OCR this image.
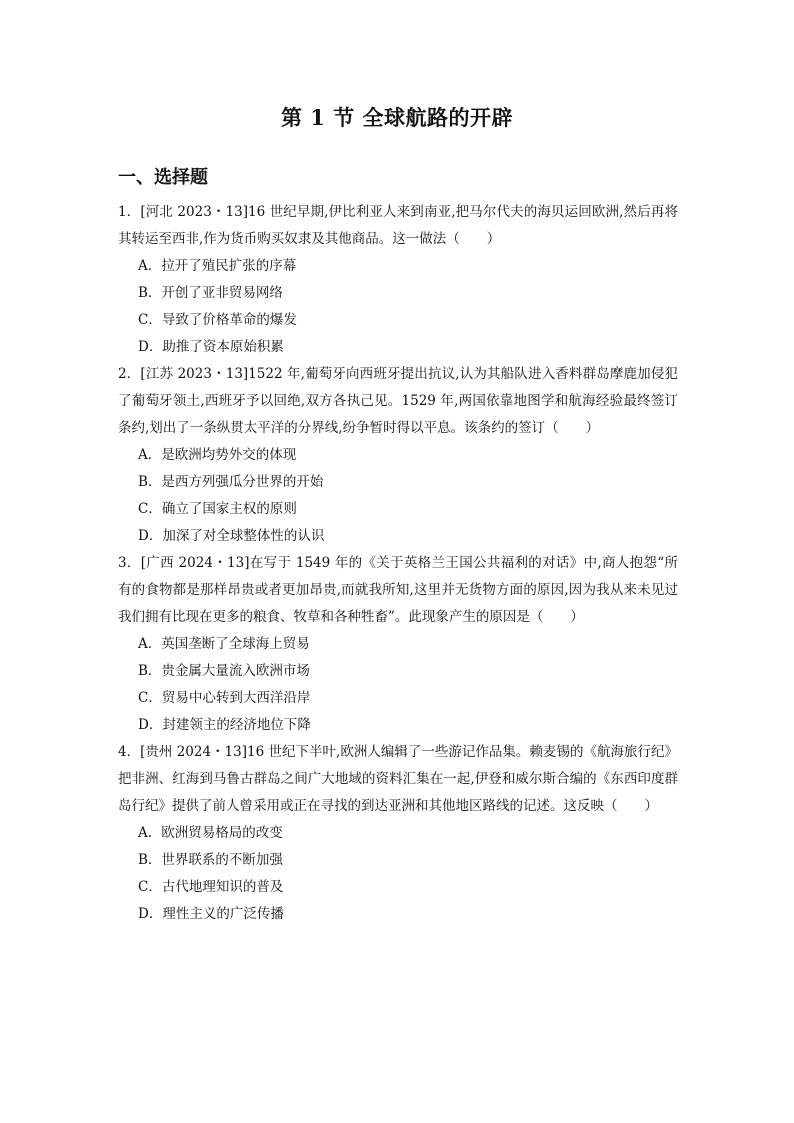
第 1 节 全球航路的开辟
一、选择题

1．[河北 2023・13]16 世纪早期,伊比利亚人来到南亚,把马尔代夫的海贝运回欧洲,然后再将其转运至西非,作为货币购买奴隶及其他商品。这一做法（　　）

A．拉开了殖民扩张的序幕
B．开创了亚非贸易网络
C．导致了价格革命的爆发
D．助推了资本原始积累

2．[江苏 2023・13]1522 年,葡萄牙向西班牙提出抗议,认为其船队进入香料群岛摩鹿加侵犯了葡萄牙领土,西班牙予以回绝,双方各执己见。1529 年,两国依靠地图学和航海经验最终签订条约,划出了一条纵贯太平洋的分界线,纷争暂时得以平息。该条约的签订（　　）

A．是欧洲均势外交的体现
B．是西方列强瓜分世界的开始
C．确立了国家主权的原则
D．加深了对全球整体性的认识

3．[广西 2024・13]在写于 1549 年的《关于英格兰王国公共福利的对话》中,商人抱怨“所有的食物都是那样昂贵或者更加昂贵,而就我所知,这里并无货物方面的原因,因为我从来未见过我们拥有比现在更多的粮食、牧草和各种牲畜”。此现象产生的原因是（　　）

A．英国垄断了全球海上贸易
B．贵金属大量流入欧洲市场
C．贸易中心转到大西洋沿岸
D．封建领主的经济地位下降

4．[贵州 2024・13]16 世纪下半叶,欧洲人编辑了一些游记作品集。赖麦锡的《航海旅行纪》把非洲、红海到马鲁古群岛之间广大地域的资料汇集在一起,伊登和威尔斯合编的《东西印度群岛行纪》提供了前人曾采用或正在寻找的到达亚洲和其他地区路线的记述。这反映（　　）

A．欧洲贸易格局的改变
B．世界联系的不断加强
C．古代地理知识的普及
D．理性主义的广泛传播
